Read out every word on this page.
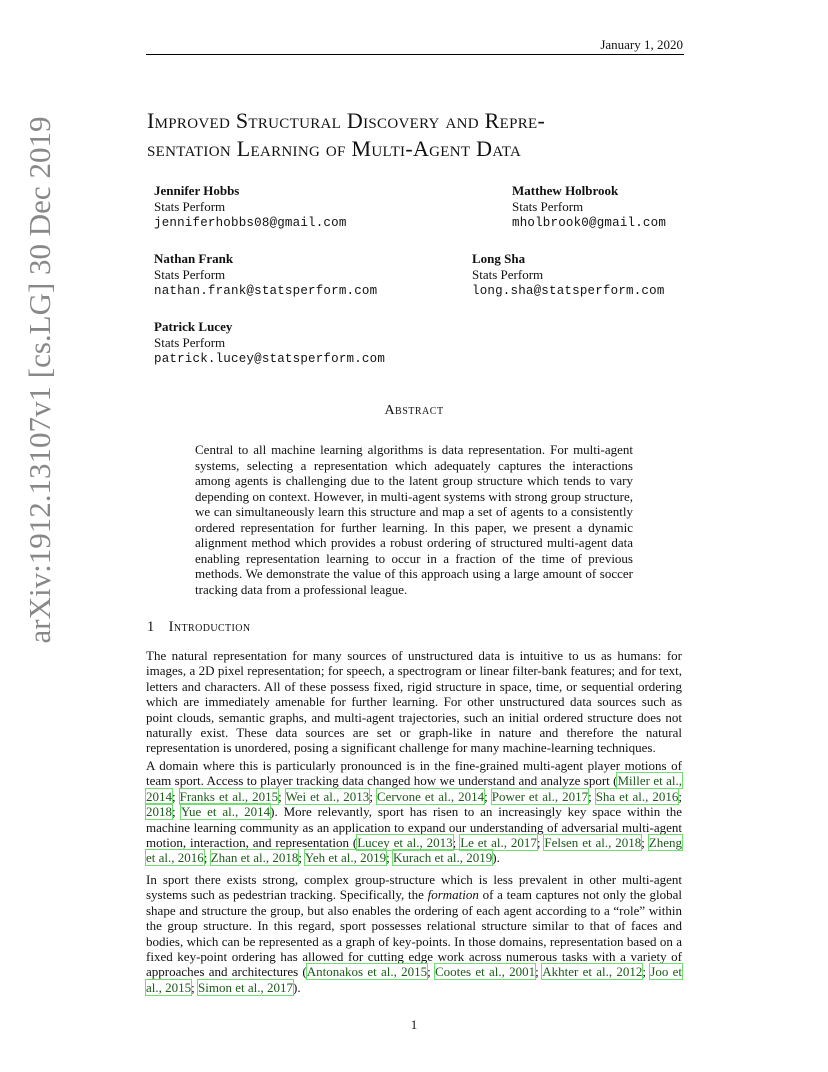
January 1, 2020
arXiv:1912.13107v1 [cs.LG] 30 Dec 2019	Improved Structural Discovery and Repre-
sentation Learning of Multi-Agent Data
Jennifer Hobbs
Stats Perform
jenniferhobbs08@gmail.com
Matthew Holbrook
Stats Perform
mholbrook0@gmail.com
Nathan Frank
Stats Perform
nathan.frank@statsperform.com
Long Sha
Stats Perform
long.sha@statsperform.com
Patrick Lucey
Stats Perform
patrick.lucey@statsperform.com
Abstract

Central to all machine learning algorithms is data representation. For multi-agent systems, selecting a representation which adequately captures the interactions among agents is challenging due to the latent group structure which tends to vary depending on context. However, in multi-agent systems with strong group structure, we can simultaneously learn this structure and map a set of agents to a consistently ordered representation for further learning. In this paper, we present a dynamic alignment method which provides a robust ordering of structured multi-agent data enabling representation learning to occur in a fraction of the time of previous methods. We demonstrate the value of this approach using a large amount of soccer tracking data from a professional league.

1 Introduction

The natural representation for many sources of unstructured data is intuitive to us as humans: for images, a 2D pixel representation; for speech, a spectrogram or linear filter-bank features; and for text, letters and characters. All of these possess fixed, rigid structure in space, time, or sequential ordering which are immediately amenable for further learning. For other unstructured data sources such as point clouds, semantic graphs, and multi-agent trajectories, such an initial ordered structure does not naturally exist. These data sources are set or graph-like in nature and therefore the natural representation is unordered, posing a significant challenge for many machine-learning techniques.

A domain where this is particularly pronounced is in the fine-grained multi-agent player motions of team sport. Access to player tracking data changed how we understand and analyze sport (Miller et al., 2014; Franks et al., 2015; Wei et al., 2013; Cervone et al., 2014; Power et al., 2017; Sha et al., 2016; 2018; Yue et al., 2014). More relevantly, sport has risen to an increasingly key space within the machine learning community as an application to expand our understanding of adversarial multi-agent motion, interaction, and representation (Lucey et al., 2013; Le et al., 2017; Felsen et al., 2018; Zheng et al., 2016; Zhan et al., 2018; Yeh et al., 2019; Kurach et al., 2019).

In sport there exists strong, complex group-structure which is less prevalent in other multi-agent systems such as pedestrian tracking. Specifically, the formation of a team captures not only the global shape and structure the group, but also enables the ordering of each agent according to a “role” within the group structure. In this regard, sport possesses relational structure similar to that of faces and bodies, which can be represented as a graph of key-points. In those domains, representation based on a fixed key-point ordering has allowed for cutting edge work across numerous tasks with a variety of approaches and architectures (Antonakos et al., 2015; Cootes et al., 2001; Akhter et al., 2012; Joo et al., 2015; Simon et al., 2017).

1
